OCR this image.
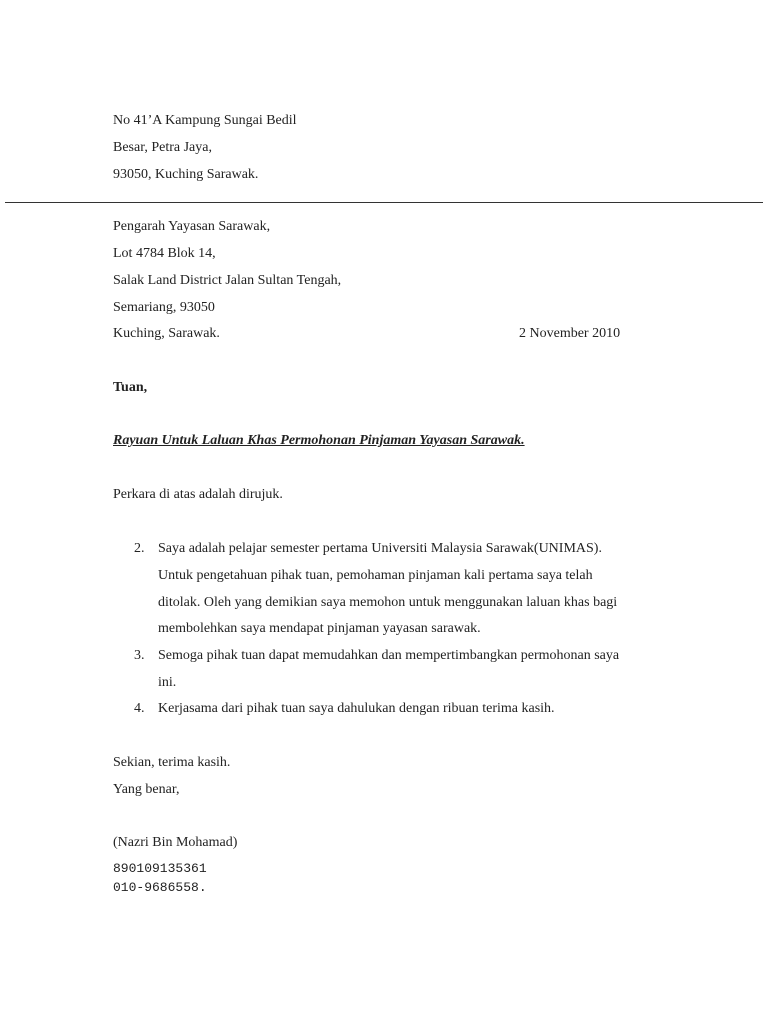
No 41’A Kampung Sungai Bedil
Besar, Petra Jaya,
93050, Kuching Sarawak.
Pengarah Yayasan Sarawak,
Lot 4784 Blok 14,
Salak Land District Jalan Sultan Tengah,
Semariang, 93050
Kuching, Sarawak.	2 November 2010
Tuan,
Rayuan Untuk Laluan Khas Permohonan Pinjaman Yayasan Sarawak.
Perkara di atas adalah dirujuk.
2. Saya adalah pelajar semester pertama Universiti Malaysia Sarawak(UNIMAS).
Untuk pengetahuan pihak tuan, pemohaman pinjaman kali pertama saya telah
ditolak. Oleh yang demikian saya memohon untuk menggunakan laluan khas bagi
membolehkan saya mendapat pinjaman yayasan sarawak.
3. Semoga pihak tuan dapat memudahkan dan mempertimbangkan permohonan saya
ini.
4. Kerjasama dari pihak tuan saya dahulukan dengan ribuan terima kasih.
Sekian, terima kasih.
Yang benar,
(Nazri Bin Mohamad)
890109135361
010-9686558.
